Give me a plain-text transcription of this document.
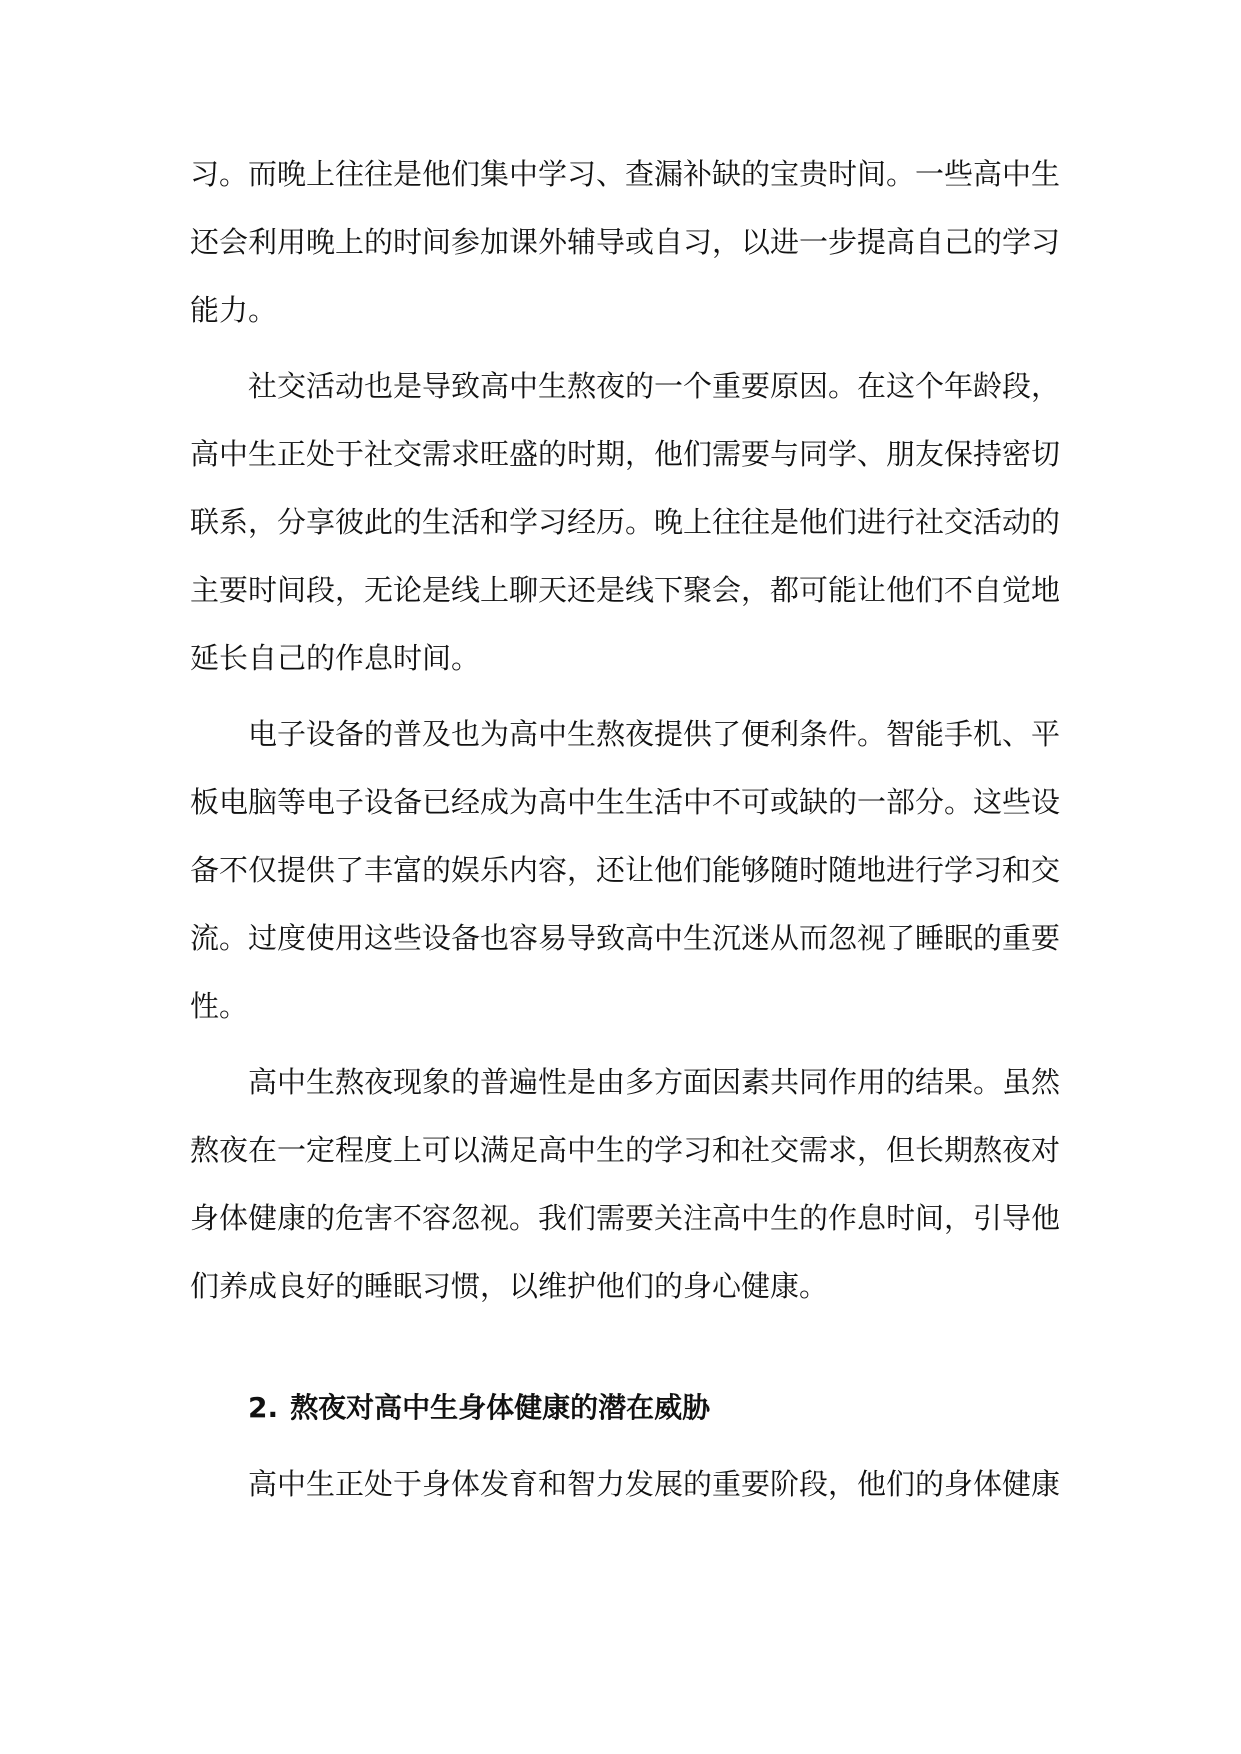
习。而晚上往往是他们集中学习、查漏补缺的宝贵时间。一些高中生还会利用晚上的时间参加课外辅导或自习，以进一步提高自己的学习能力。

社交活动也是导致高中生熬夜的一个重要原因。在这个年龄段，高中生正处于社交需求旺盛的时期，他们需要与同学、朋友保持密切联系，分享彼此的生活和学习经历。晚上往往是他们进行社交活动的主要时间段，无论是线上聊天还是线下聚会，都可能让他们不自觉地延长自己的作息时间。

电子设备的普及也为高中生熬夜提供了便利条件。智能手机、平板电脑等电子设备已经成为高中生生活中不可或缺的一部分。这些设备不仅提供了丰富的娱乐内容，还让他们能够随时随地进行学习和交流。过度使用这些设备也容易导致高中生沉迷从而忽视了睡眠的重要性。

高中生熬夜现象的普遍性是由多方面因素共同作用的结果。虽然熬夜在一定程度上可以满足高中生的学习和社交需求，但长期熬夜对身体健康的危害不容忽视。我们需要关注高中生的作息时间，引导他们养成良好的睡眠习惯，以维护他们的身心健康。

2. 熬夜对高中生身体健康的潜在威胁

高中生正处于身体发育和智力发展的重要阶段，他们的身体健康
